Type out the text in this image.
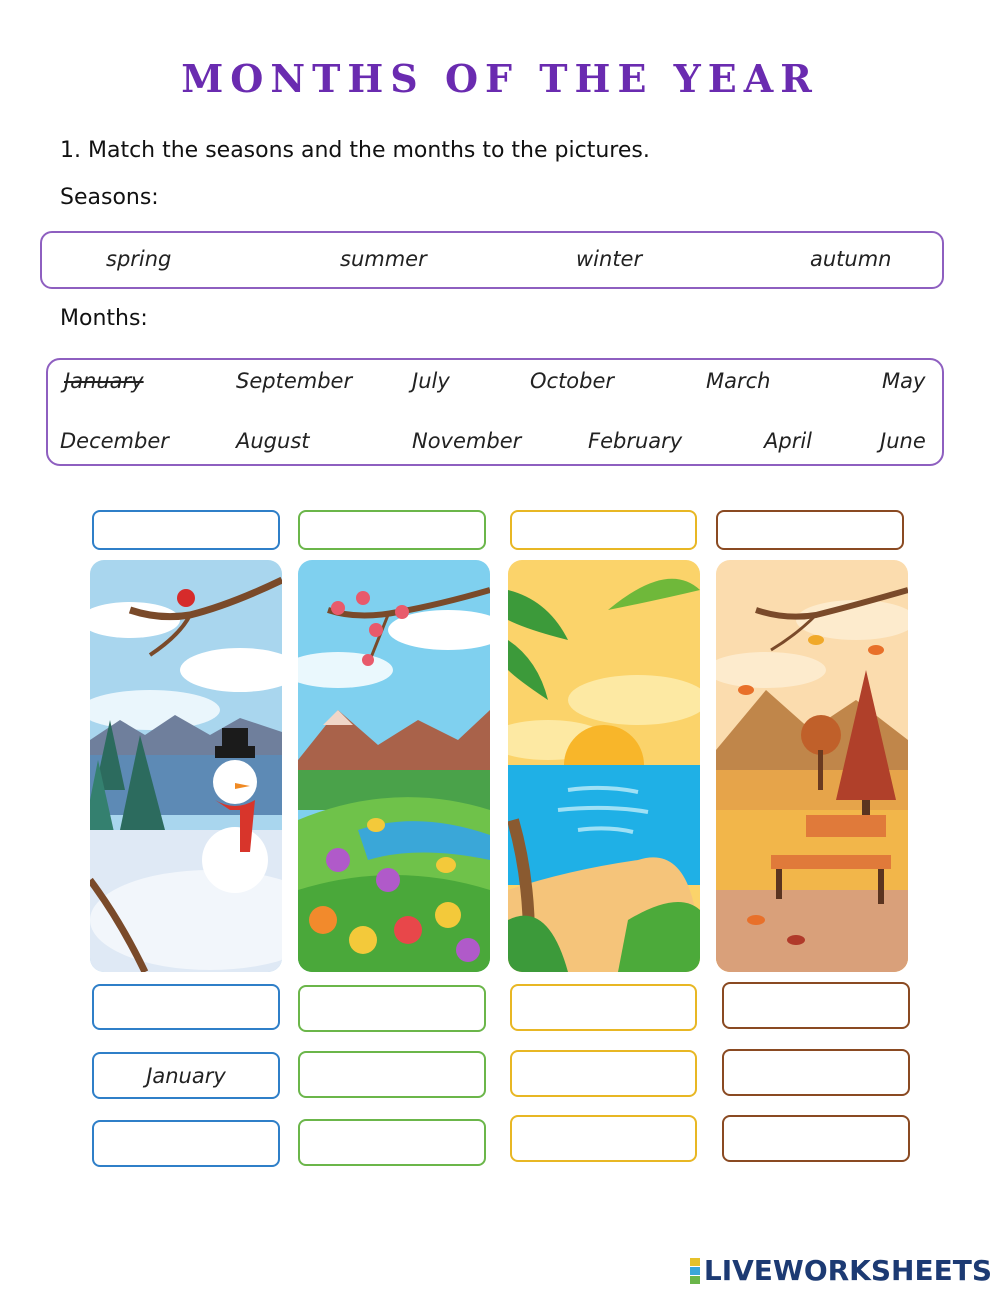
MONTHS OF THE YEAR
1. Match the seasons and the months to the pictures.
Seasons:
spring	summer	winter	autumn
Months:
January	September	July	October	March	May
December	August	November	February	April	June
January
LIVEWORKSHEETS
